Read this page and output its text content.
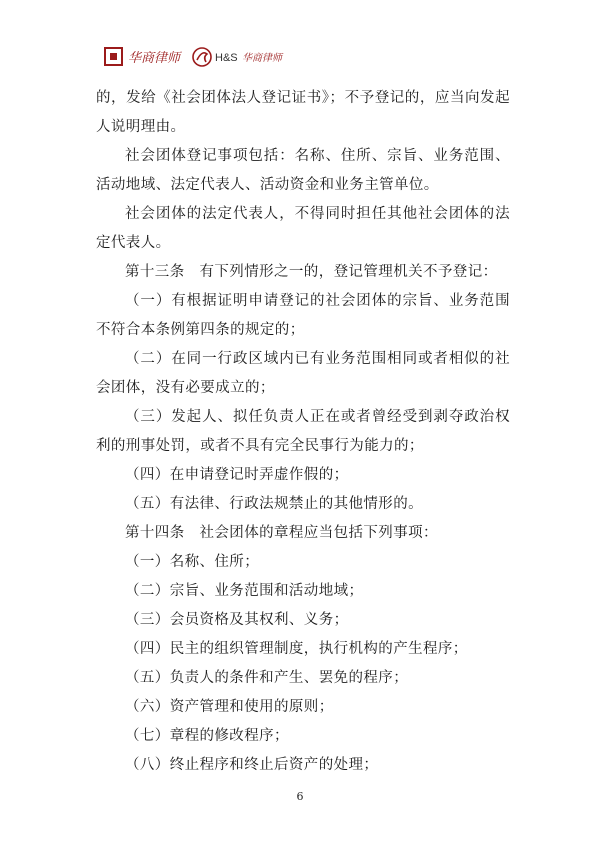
华商律师	H&S 华商律师

的，发给《社会团体法人登记证书》；不予登记的，应当向发起人说明理由。

社会团体登记事项包括：名称、住所、宗旨、业务范围、活动地域、法定代表人、活动资金和业务主管单位。

社会团体的法定代表人，不得同时担任其他社会团体的法定代表人。

第十三条　有下列情形之一的，登记管理机关不予登记：

（一）有根据证明申请登记的社会团体的宗旨、业务范围不符合本条例第四条的规定的；

（二）在同一行政区域内已有业务范围相同或者相似的社会团体，没有必要成立的；

（三）发起人、拟任负责人正在或者曾经受到剥夺政治权利的刑事处罚，或者不具有完全民事行为能力的；

（四）在申请登记时弄虚作假的；

（五）有法律、行政法规禁止的其他情形的。

第十四条　社会团体的章程应当包括下列事项：

（一）名称、住所；

（二）宗旨、业务范围和活动地域；

（三）会员资格及其权利、义务；

（四）民主的组织管理制度，执行机构的产生程序；

（五）负责人的条件和产生、罢免的程序；

（六）资产管理和使用的原则；

（七）章程的修改程序；

（八）终止程序和终止后资产的处理；

6
